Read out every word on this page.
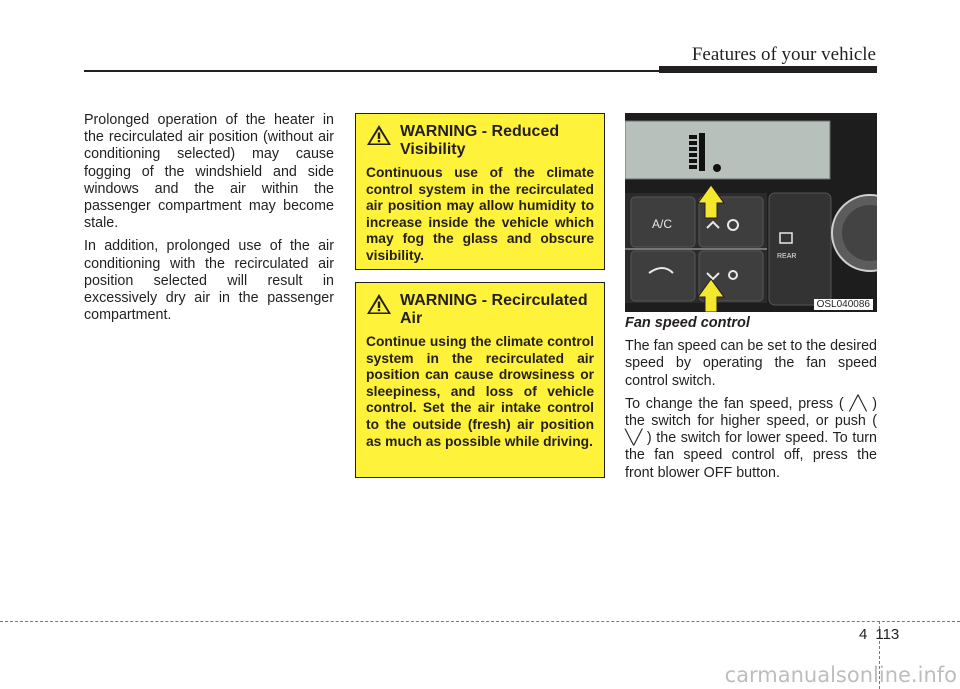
Features of your vehicle

Prolonged operation of the heater in the recirculated air position (without air conditioning selected) may cause fogging of the windshield and side windows and the air within the passenger compartment may become stale.

In addition, prolonged use of the air conditioning with the recirculated air position selected will result in excessively dry air in the passenger compartment.

WARNING - Reduced Visibility
Continuous use of the climate control system in the recirculated air position may allow humidity to increase inside the vehicle which may fog the glass and obscure visibility.
WARNING - Recirculated Air
Continue using the climate control system in the recirculated air position can cause drowsiness or sleepiness, and loss of vehicle control. Set the air intake control to the outside (fresh) air position as much as possible while driving.
A/C
REAR
OSL040086
Fan speed control

The fan speed can be set to the desired speed by operating the fan speed control switch.

To change the fan speed, press ( ╱╲ ) the switch for higher speed, or push ( ╲╱ ) the switch for lower speed. To turn the fan speed control off, press the front blower OFF button.

4 113
carmanualsonline.info
